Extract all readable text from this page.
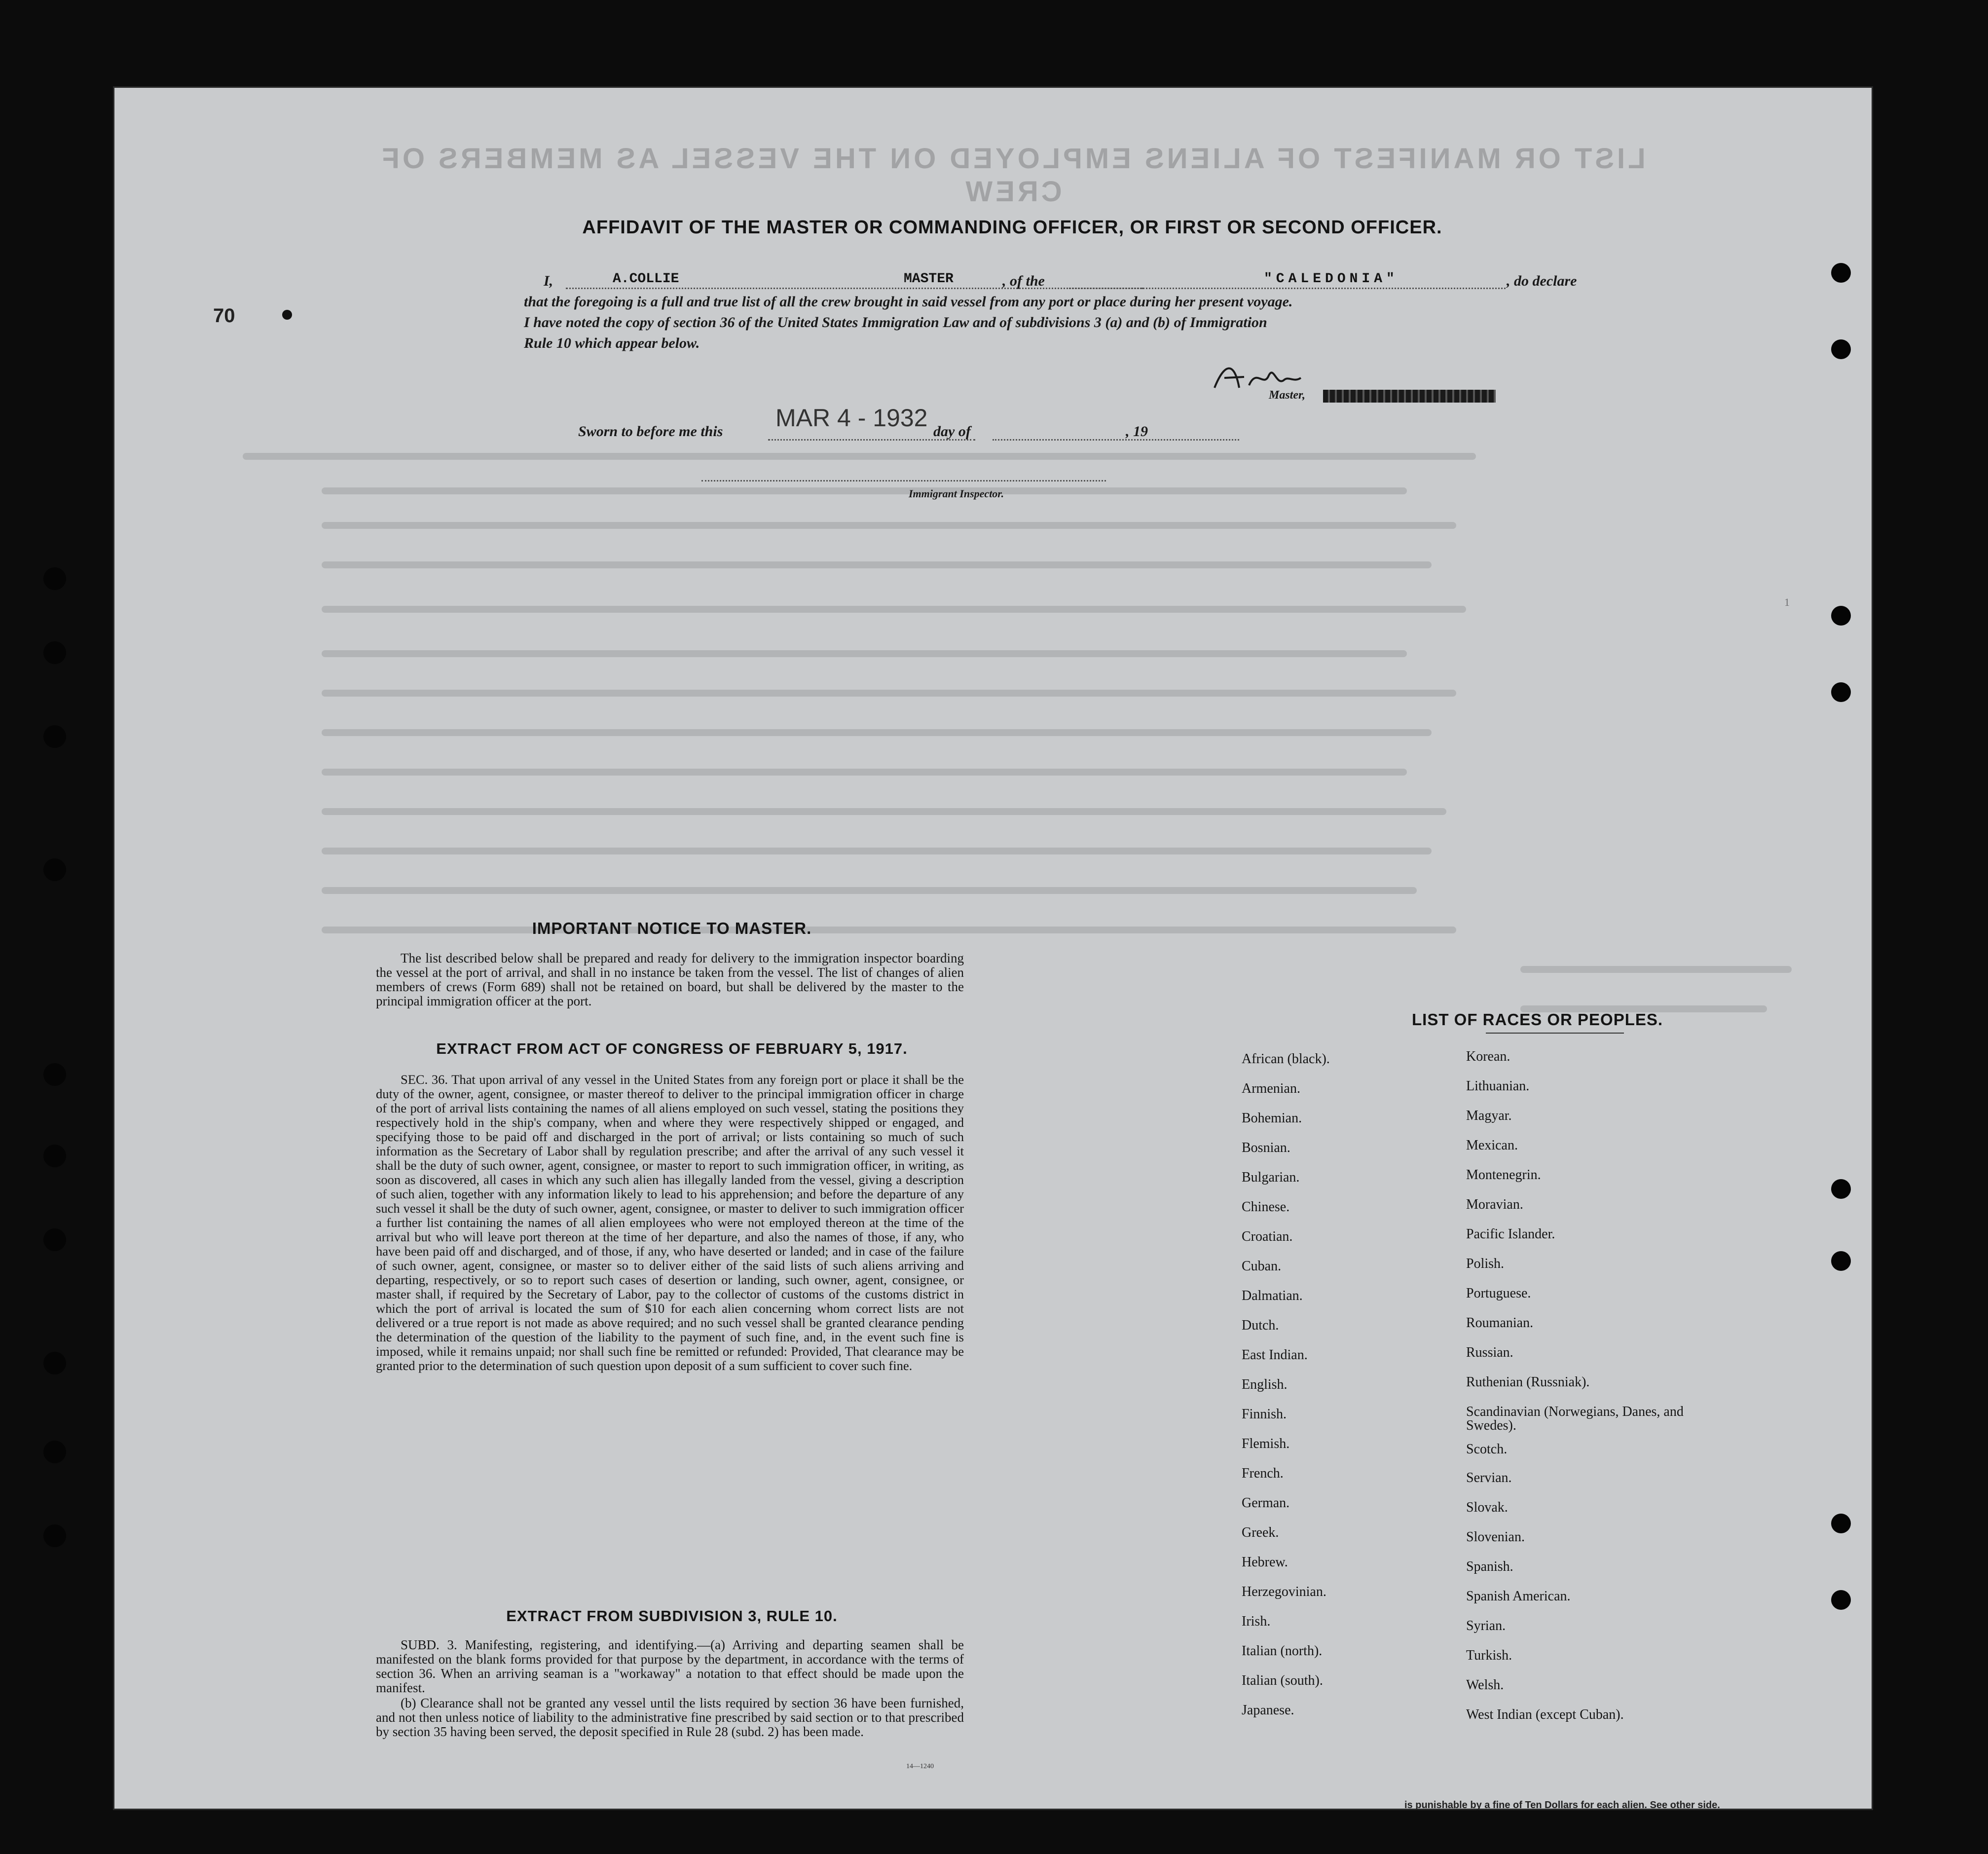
LIST OR MANIFEST OF ALIENS EMPLOYED ON THE VESSEL AS MEMBERS OF CREW
AFFIDAVIT OF THE MASTER OR COMMANDING OFFICER, OR FIRST OR SECOND OFFICER.
I,	A.COLLIE	MASTER	, of the	"CALEDONIA"	, do declare
that the foregoing is a full and true list of all the crew brought in said vessel from any port or place during her present voyage.
I have noted the copy of section 36 of the United States Immigration Law and of subdivisions 3 (a) and (b) of Immigration
Rule 10 which appear below.
70
Master,
Sworn to before me this MAR 4 - 1932 day of	, 19
Immigrant Inspector.
1
IMPORTANT NOTICE TO MASTER.
The list described below shall be prepared and ready for delivery to the immigration inspector boarding the vessel at the port of arrival, and shall in no instance be taken from the vessel. The list of changes of alien members of crews (Form 689) shall not be retained on board, but shall be delivered by the master to the principal immigration officer at the port.
EXTRACT FROM ACT OF CONGRESS OF FEBRUARY 5, 1917.
SEC. 36. That upon arrival of any vessel in the United States from any foreign port or place it shall be the duty of the owner, agent, consignee, or master thereof to deliver to the principal immigration officer in charge of the port of arrival lists containing the names of all aliens employed on such vessel, stating the positions they respectively hold in the ship's company, when and where they were respectively shipped or engaged, and specifying those to be paid off and discharged in the port of arrival; or lists containing so much of such information as the Secretary of Labor shall by regulation prescribe; and after the arrival of any such vessel it shall be the duty of such owner, agent, consignee, or master to report to such immigration officer, in writing, as soon as discovered, all cases in which any such alien has illegally landed from the vessel, giving a description of such alien, together with any information likely to lead to his apprehension; and before the departure of any such vessel it shall be the duty of such owner, agent, consignee, or master to deliver to such immigration officer a further list containing the names of all alien employees who were not employed thereon at the time of the arrival but who will leave port thereon at the time of her departure, and also the names of those, if any, who have been paid off and discharged, and of those, if any, who have deserted or landed; and in case of the failure of such owner, agent, consignee, or master so to deliver either of the said lists of such aliens arriving and departing, respectively, or so to report such cases of desertion or landing, such owner, agent, consignee, or master shall, if required by the Secretary of Labor, pay to the collector of customs of the customs district in which the port of arrival is located the sum of $10 for each alien concerning whom correct lists are not delivered or a true report is not made as above required; and no such vessel shall be granted clearance pending the determination of the question of the liability to the payment of such fine, and, in the event such fine is imposed, while it remains unpaid; nor shall such fine be remitted or refunded: Provided, That clearance may be granted prior to the determination of such question upon deposit of a sum sufficient to cover such fine.
EXTRACT FROM SUBDIVISION 3, RULE 10.
SUBD. 3. Manifesting, registering, and identifying.—(a) Arriving and departing seamen shall be manifested on the blank forms provided for that purpose by the department, in accordance with the terms of section 36. When an arriving seaman is a "workaway" a notation to that effect should be made upon the manifest.
(b) Clearance shall not be granted any vessel until the lists required by section 36 have been furnished, and not then unless notice of liability to the administrative fine prescribed by said section or to that prescribed by section 35 having been served, the deposit specified in Rule 28 (subd. 2) has been made.
14—1240
LIST OF RACES OR PEOPLES.
African (black).
Armenian.
Bohemian.
Bosnian.
Bulgarian.
Chinese.
Croatian.
Cuban.
Dalmatian.
Dutch.
East Indian.
English.
Finnish.
Flemish.
French.
German.
Greek.
Hebrew.
Herzegovinian.
Irish.
Italian (north).
Italian (south).
Japanese.
Korean.
Lithuanian.
Magyar.
Mexican.
Montenegrin.
Moravian.
Pacific Islander.
Polish.
Portuguese.
Roumanian.
Russian.
Ruthenian (Russniak).
Scandinavian (Norwegians, Danes, and Swedes).
Scotch.
Servian.
Slovak.
Slovenian.
Spanish.
Spanish American.
Syrian.
Turkish.
Welsh.
West Indian (except Cuban).
is punishable by a fine of Ten Dollars for each alien. See other side.
